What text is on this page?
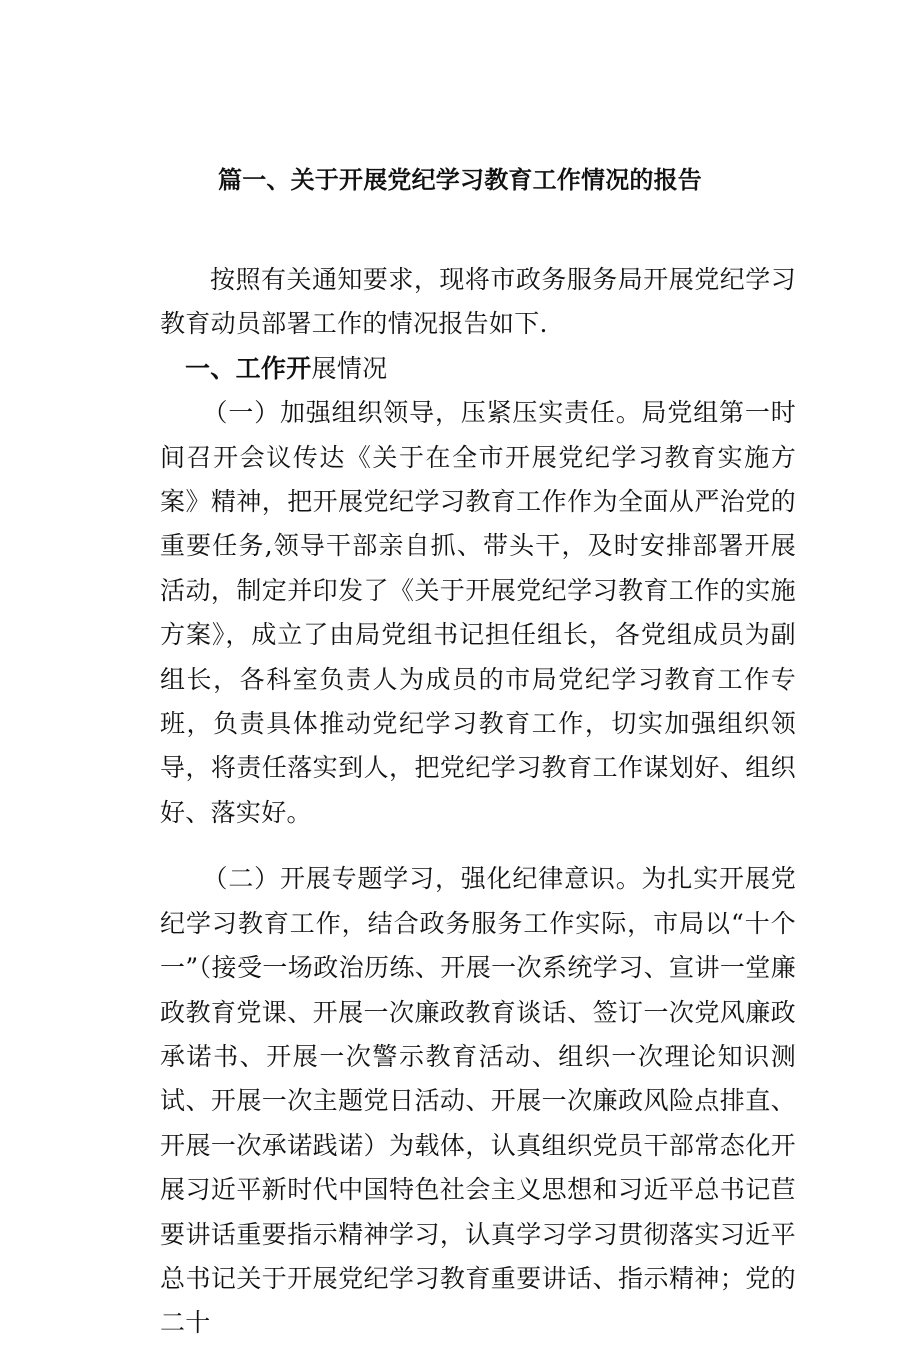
篇一、关于开展党纪学习教育工作情况的报告

按照有关通知要求，现将市政务服务局开展党纪学习教育动员部署工作的情况报告如下.

一、工作开展情况

（一）加强组织领导，压紧压实责任。局党组第一时间召开会议传达《关于在全市开展党纪学习教育实施方案》精神，把开展党纪学习教育工作作为全面从严治党的重要任务,领导干部亲自抓、带头干，及时安排部署开展活动，制定并印发了《关于开展党纪学习教育工作的实施方案》，成立了由局党组书记担任组长，各党组成员为副组长，各科室负责人为成员的市局党纪学习教育工作专班，负责具体推动党纪学习教育工作，切实加强组织领导，将责任落实到人，把党纪学习教育工作谋划好、组织好、落实好。

（二）开展专题学习，强化纪律意识。为扎实开展党纪学习教育工作，结合政务服务工作实际，市局以“十个一”（接受一场政治历练、开展一次系统学习、宣讲一堂廉政教育党课、开展一次廉政教育谈话、签订一次党风廉政承诺书、开展一次警示教育活动、组织一次理论知识测试、开展一次主题党日活动、开展一次廉政风险点排直、开展一次承诺践诺）为载体，认真组织党员干部常态化开展习近平新时代中国特色社会主义思想和习近平总书记苣要讲话重要指示精神学习，认真学习学习贯彻落实习近平总书记关于开展党纪学习教育重要讲话、指示精神；党的二十
